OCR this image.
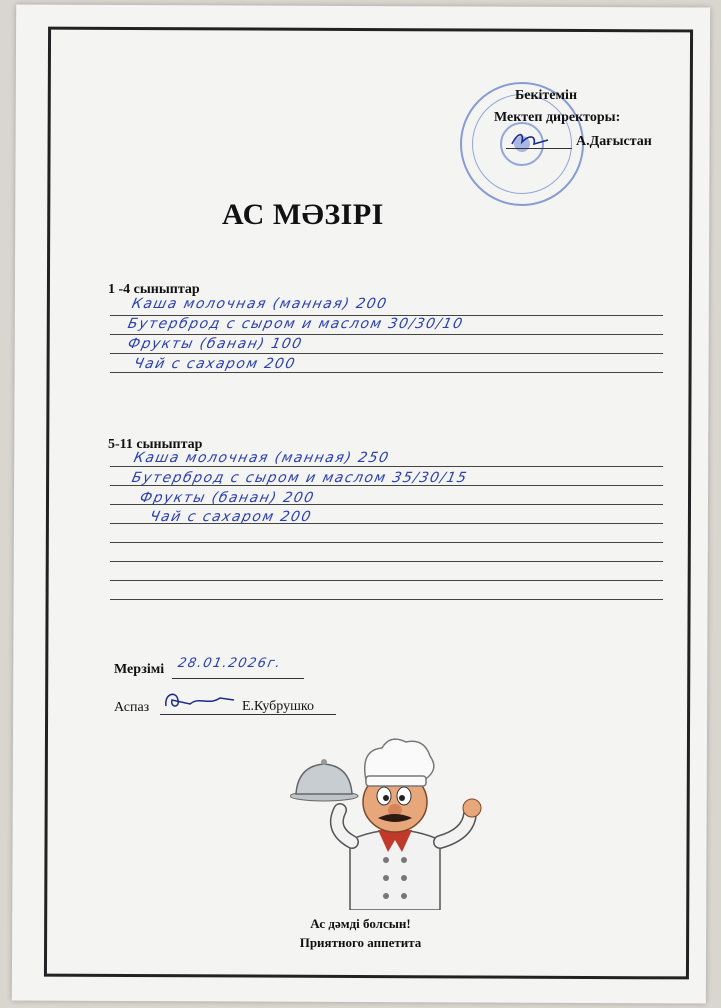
Бекітемін
Мектеп директоры:
А.Дағыстан
АС МӘЗІРІ
1 -4 сыныптар
Каша молочная (манная) 200
Бутерброд с сыром и маслом 30/30/10
Фрукты (банан) 100
Чай с сахаром 200
5-11 сыныптар
Каша молочная (манная) 250
Бутерброд с сыром и маслом 35/30/15
Фрукты (банан) 200
Чай с сахаром 200
Мерзімі 28.01.2026г.
Аспаз	Е.Кубрушко
Ас дәмді болсын!
Приятного аппетита
